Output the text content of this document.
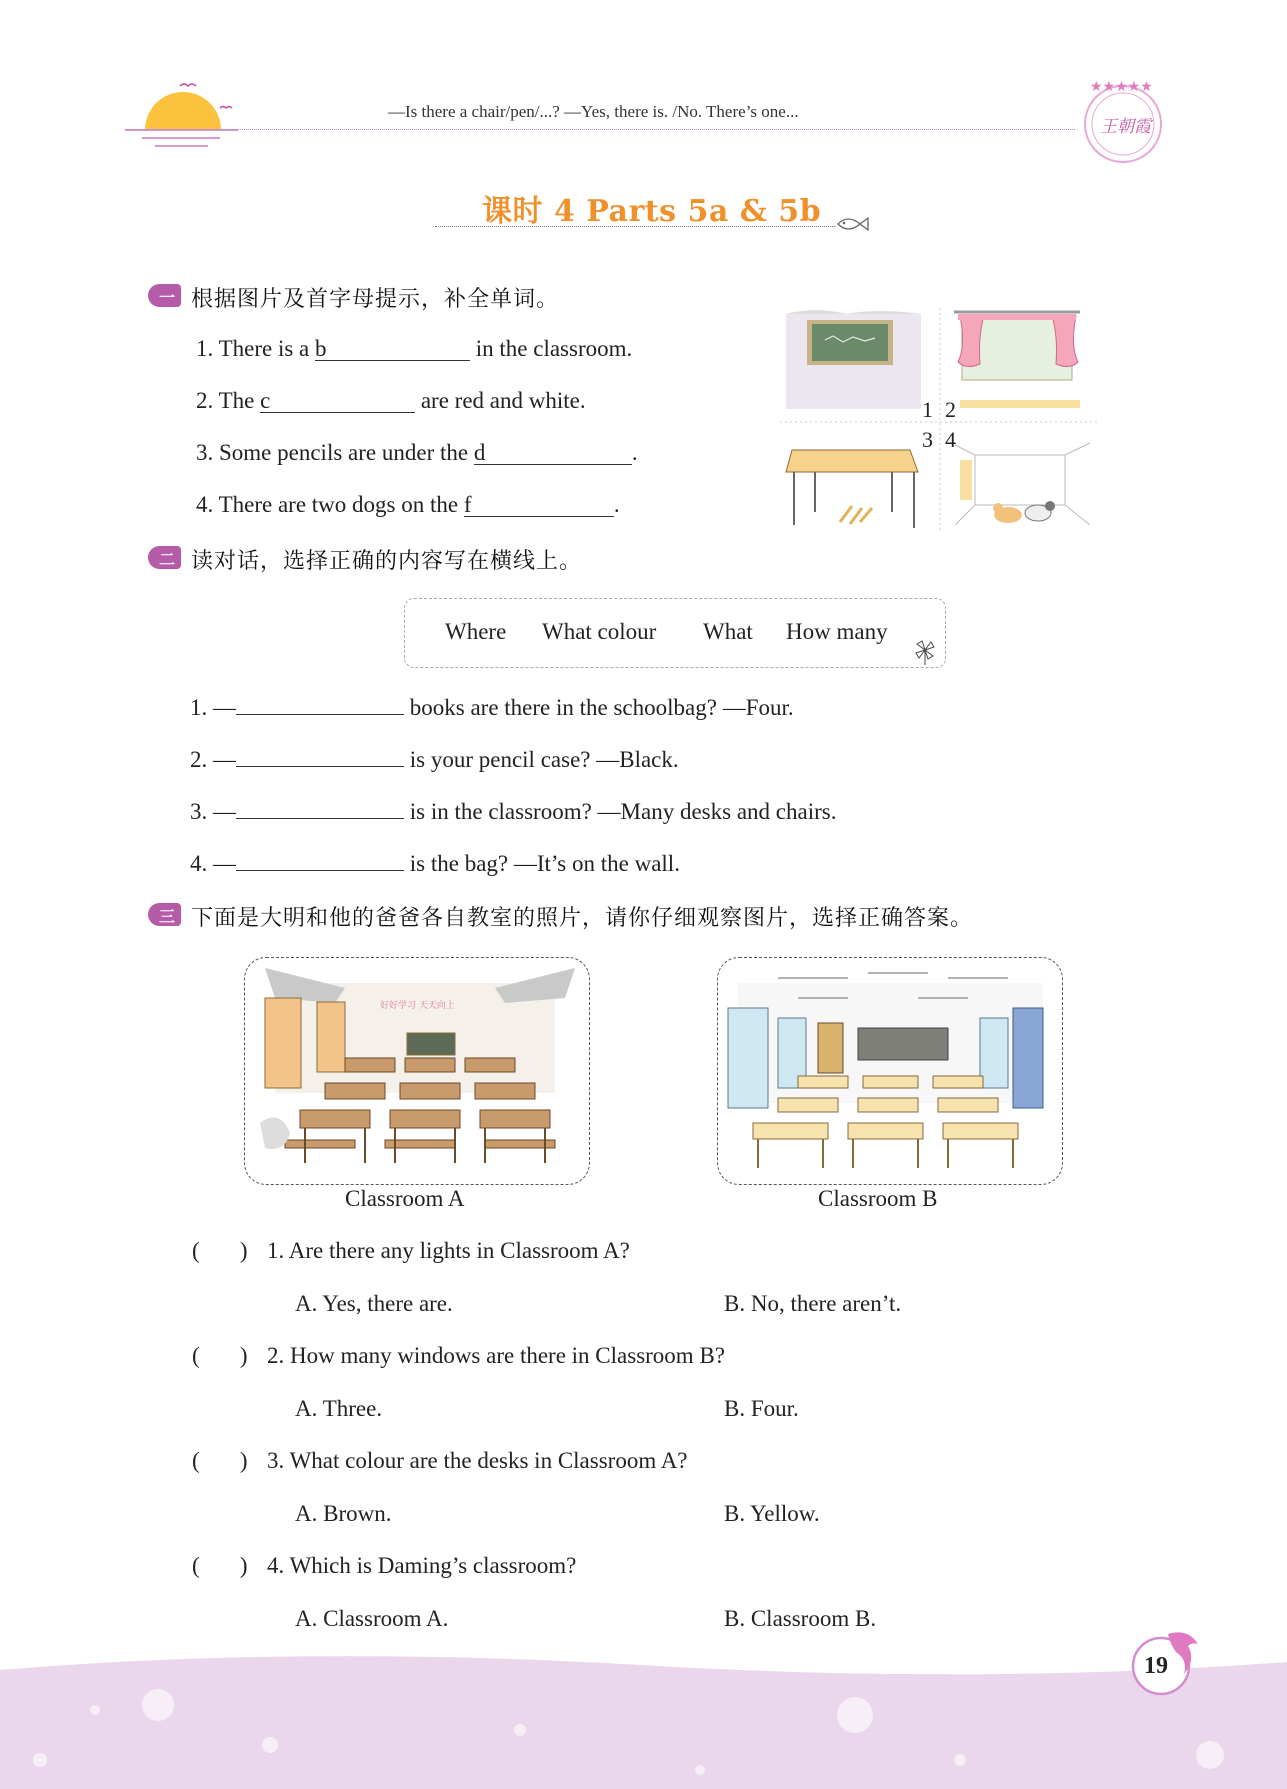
—Is there a chair/pen/...? —Yes, there is. /No. There’s one...
★★★★★
王朝霞
课时 4 Parts 5a & 5b
一 根据图片及首字母提示，补全单词。
1. There is a b	in the classroom.
2. The c	are red and white.
3. Some pencils are under the d	.
4. There are two dogs on the f	.
1 2
3 4
二 读对话，选择正确的内容写在横线上。
Where What colour What How many
1. —	books are there in the schoolbag? —Four.
2. —	is your pencil case? —Black.
3. —	is in the classroom? —Many desks and chairs.
4. —	is the bag? —It’s on the wall.
三 下面是大明和他的爸爸各自教室的照片，请你仔细观察图片，选择正确答案。
好好学习 天天向上
Classroom A	Classroom B
(       ) 1. Are there any lights in Classroom A?
A. Yes, there are.	B. No, there aren’t.
(       ) 2. How many windows are there in Classroom B?
A. Three.	B. Four.
(       ) 3. What colour are the desks in Classroom A?
A. Brown.	B. Yellow.
(       ) 4. Which is Daming’s classroom?
A. Classroom A.	B. Classroom B.
19
